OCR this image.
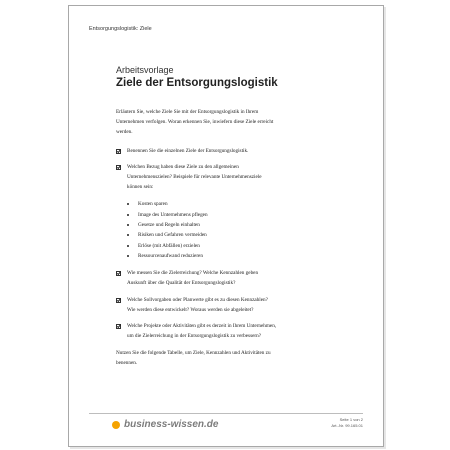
Entsorgungslogistik: Ziele
Arbeitsvorlage
Ziele der Entsorgungslogistik
Erläutern Sie, welche Ziele Sie mit der Entsorgungslogistik in Ihrem
Unternehmen verfolgen. Woran erkennen Sie, inwiefern diese Ziele erreicht
werden.
Benennen Sie die einzelnen Ziele der Entsorgungslogistik.
Welchen Bezug haben diese Ziele zu den allgemeinen
Unternehmenszielen? Beispiele für relevante Unternehmensziele
können sein:
Kosten sparen
Image des Unternehmens pflegen
Gesetze und Regeln einhalten
Risiken und Gefahren vermeiden
Erlöse (mit Abfällen) erzielen
Ressourcenaufwand reduzieren
Wie messen Sie die Zielerreichung? Welche Kennzahlen geben
Auskunft über die Qualität der Entsorgungslogistik?
Welche Sollvorgaben oder Planwerte gibt es zu diesen Kennzahlen?
Wie werden diese entwickelt? Woraus werden sie abgeleitet?
Welche Projekte oder Aktivitäten gibt es derzeit in Ihrem Unternehmen,
um die Zielerreichung in der Entsorgungslogistik zu verbessern?
Nutzen Sie die folgende Tabelle, um Ziele, Kennzahlen und Aktivitäten zu
benennen.
business-wissen.de	Seite 1 von 2
Art.-Nr. 99.165.01
